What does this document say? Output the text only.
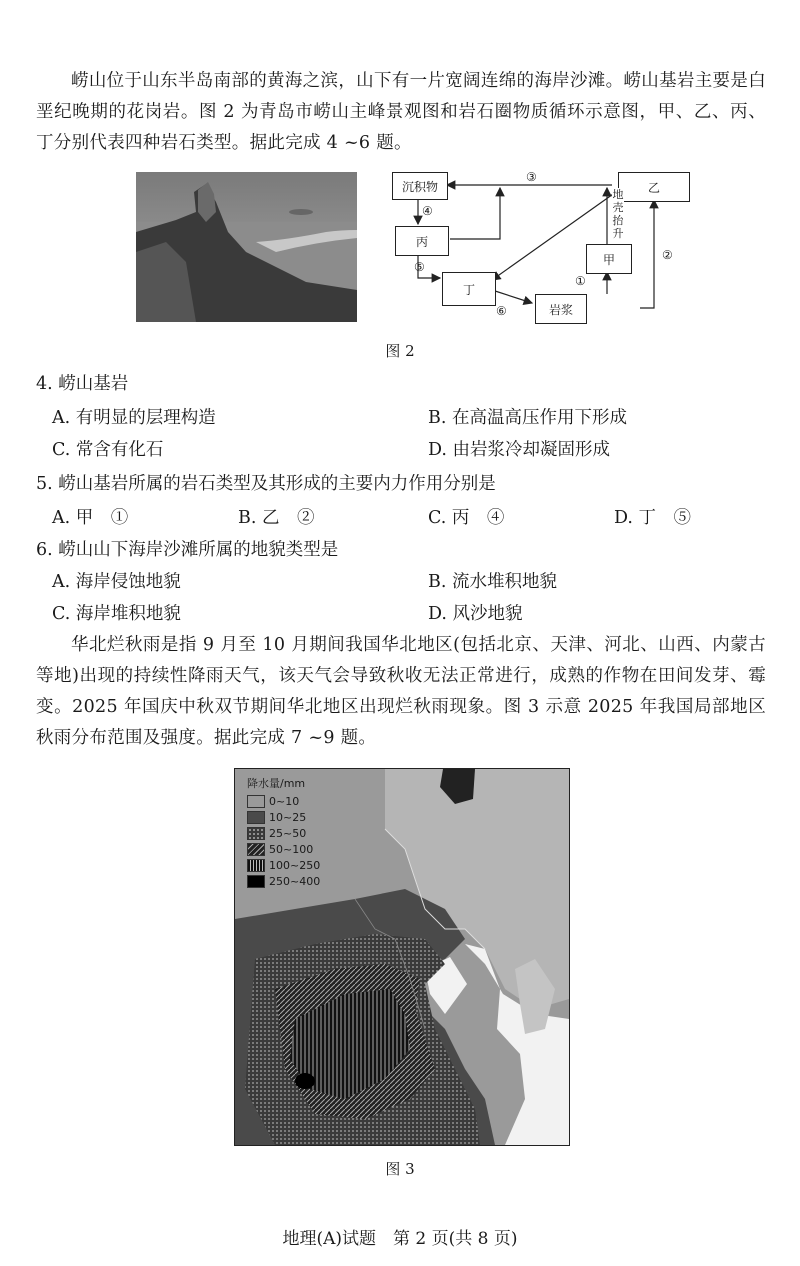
崂山位于山东半岛南部的黄海之滨，山下有一片宽阔连绵的海岸沙滩。崂山基岩主要是白垩纪晚期的花岗岩。图 2 为青岛市崂山主峰景观图和岩石圈物质循环示意图，甲、乙、丙、丁分别代表四种岩石类型。据此完成 4 ~6 题。
沉积物	乙
丙
甲
丁
岩浆
③
④
⑤
⑥
①
②
地
壳
抬
升
图 2
4. 崂山基岩
A. 有明显的层理构造	B. 在高温高压作用下形成
C. 常含有化石	D. 由岩浆冷却凝固形成
5. 崂山基岩所属的岩石类型及其形成的主要内力作用分别是
A. 甲　①	B. 乙　②	C. 丙　④	D. 丁　⑤
6. 崂山山下海岸沙滩所属的地貌类型是
A. 海岸侵蚀地貌	B. 流水堆积地貌
C. 海岸堆积地貌	D. 风沙地貌
华北烂秋雨是指 9 月至 10 月期间我国华北地区(包括北京、天津、河北、山西、内蒙古等地)出现的持续性降雨天气，该天气会导致秋收无法正常进行，成熟的作物在田间发芽、霉变。2025 年国庆中秋双节期间华北地区出现烂秋雨现象。图 3 示意 2025 年我国局部地区秋雨分布范围及强度。据此完成 7 ~9 题。
降水量/mm
0~10
10~25
25~50
50~100
100~250
250~400
图 3
地理(A)试题　第 2 页(共 8 页)
